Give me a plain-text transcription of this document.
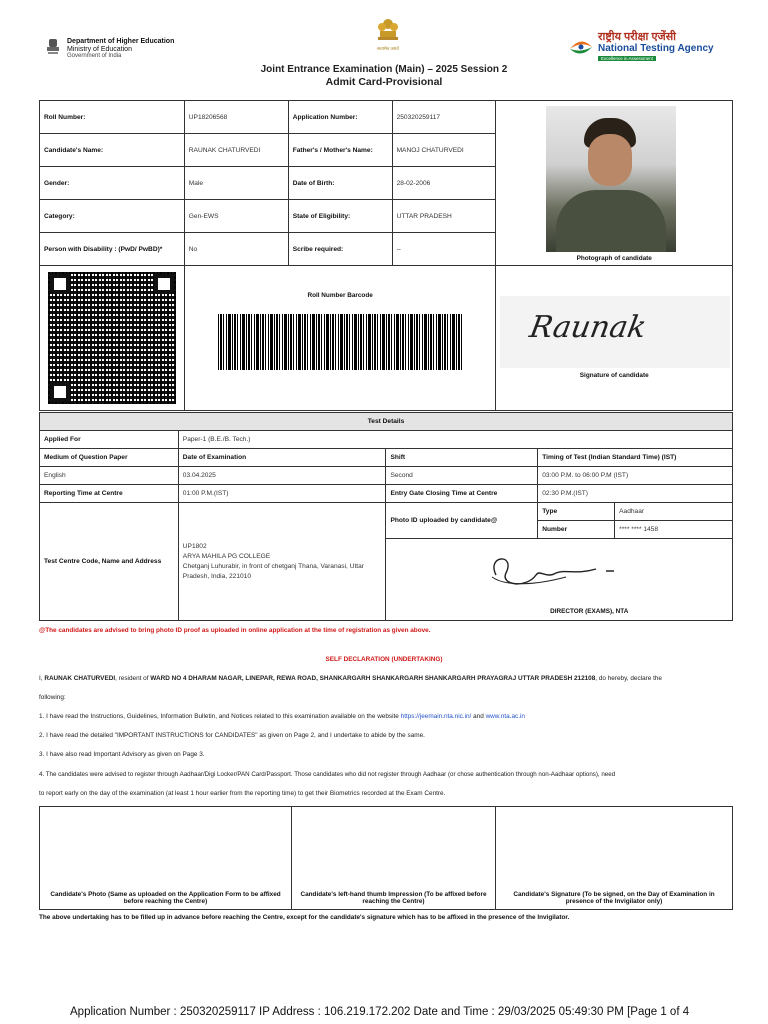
Department of Higher Education
Ministry of Education
Government of India
सत्यमेव जयते
राष्ट्रीय परीक्षा एजेंसी
National Testing Agency
Excellence in Assessment
Joint Entrance Examination (Main) – 2025 Session 2
Admit Card-Provisional
Roll Number:	UP18206568	Application Number:	250320259117	Photograph of candidate

Candidate's Name:	RAUNAK CHATURVEDI	Father's / Mother's Name:	MANOJ CHATURVEDI	
Gender:	Male	Date of Birth:	28-02-2006	
Category:	Gen-EWS	State of Eligibility:	UTTAR PRADESH	
Person with Disability : (PwD/ PwBD)*	No	Scribe required:	--	

	Roll Number Barcode			Raunak
Signature of candidate
Test Details				
Applied For	Paper-1 (B.E./B. Tech.)			
Medium of Question Paper	Date of Examination	Shift	Timing of Test (Indian Standard Time) (IST)	
English	03.04.2025	Second	03:00 P.M. to 06:00 P.M (IST)	
Reporting Time at Centre	01:00 P.M.(IST)	Entry Gate Closing Time at Centre	02:30 P.M.(IST)	
Test Centre Code, Name and Address	UP1802
ARYA MAHILA PG COLLEGE
Chetganj Luhurabir, in front of chetganj Thana, Varanasi, Uttar Pradesh, India, 221010	Photo ID uploaded by candidate@	Type	Aadhaar
			Number	**** **** 1458

		DIRECTOR (EXAMS), NTA		
@The candidates are advised to bring photo ID proof as uploaded in online application at the time of registration as given above.
SELF DECLARATION (UNDERTAKING)
I, RAUNAK CHATURVEDI, resident of WARD NO 4 DHARAM NAGAR, LINEPAR, REWA ROAD, SHANKARGARH SHANKARGARH SHANKARGARH PRAYAGRAJ UTTAR PRADESH 212108, do hereby, declare the
following:
1. I have read the Instructions, Guidelines, Information Bulletin, and Notices related to this examination available on the website https://jeemain.nta.nic.in/ and www.nta.ac.in
2. I have read the detailed "IMPORTANT INSTRUCTIONS for CANDIDATES" as given on Page 2, and I undertake to abide by the same.
3. I have also read Important Advisory as given on Page 3.
4. The candidates were advised to register through Aadhaar/Digi Locker/PAN Card/Passport. Those candidates who did not register through Aadhaar (or chose authentication through non-Aadhaar options), need
to report early on the day of the examination (at least 1 hour earlier from the reporting time) to get their Biometrics recorded at the Exam Centre.
Candidate's Photo (Same as uploaded on the Application Form to be affixed before reaching the Centre)
Candidate's left-hand thumb Impression (To be affixed before reaching the Centre)
Candidate's Signature (To be signed, on the Day of Examination in presence of the Invigilator only)
The above undertaking has to be filled up in advance before reaching the Centre, except for the candidate's signature which has to be affixed in the presence of the Invigilator.
Application Number : 250320259117 IP Address : 106.219.172.202 Date and Time : 29/03/2025 05:49:30 PM [Page 1 of 4
